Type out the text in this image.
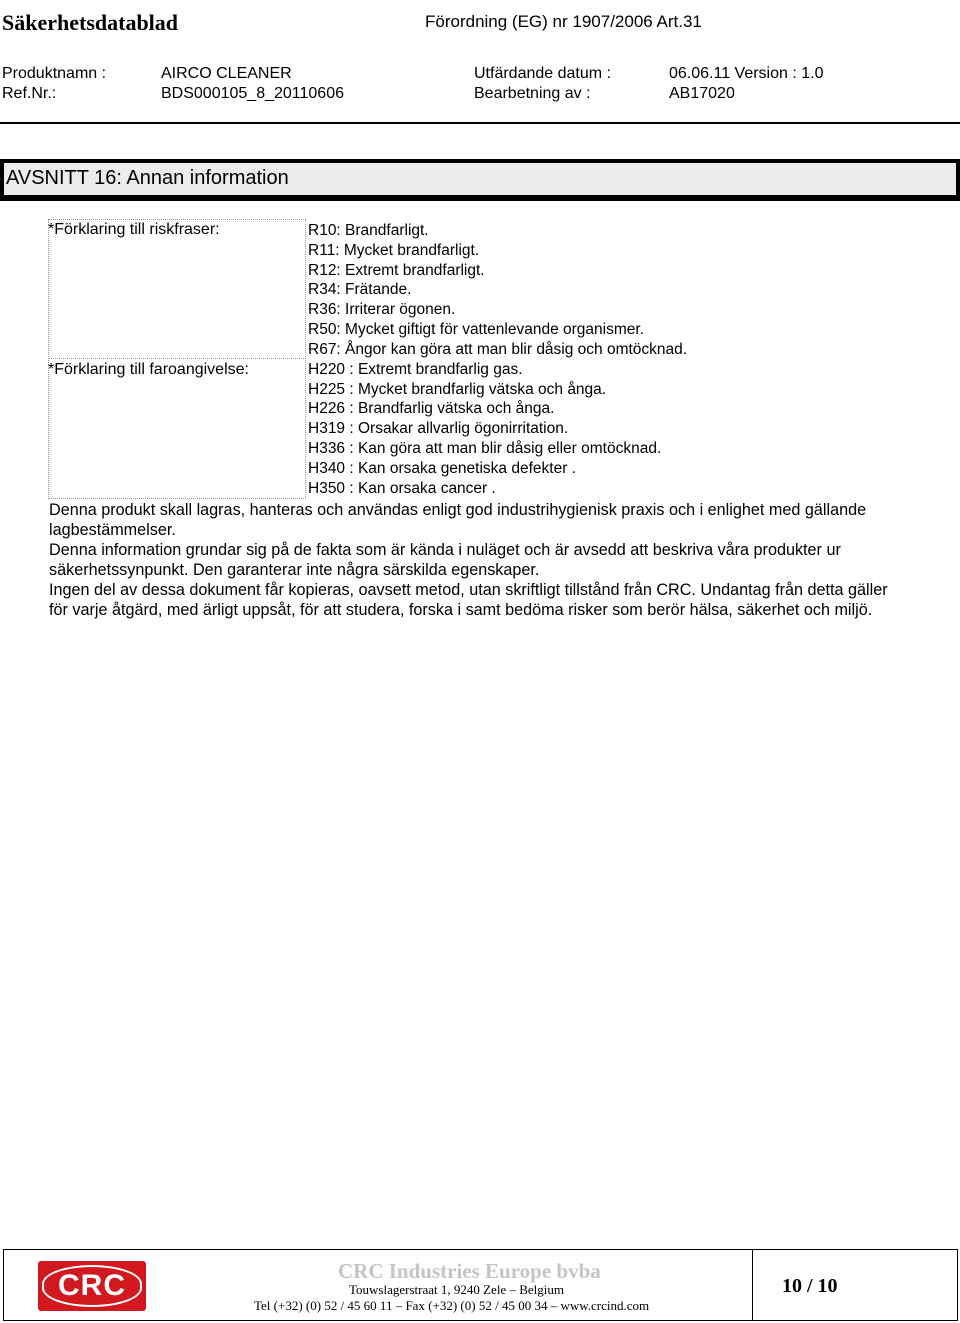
Säkerhetsdatablad	Förordning (EG) nr 1907/2006 Art.31
Produktnamn :	AIRCO CLEANER	Utfärdande datum :	06.06.11 Version : 1.0
Ref.Nr.:	BDS000105_8_20110606	Bearbetning av :	AB17020
AVSNITT 16: Annan information
*Förklaring till riskfraser:	R10: Brandfarligt.
R11: Mycket brandfarligt.
R12: Extremt brandfarligt.
R34: Frätande.
R36: Irriterar ögonen.
R50: Mycket giftigt för vattenlevande organismer.
R67: Ångor kan göra att man blir dåsig och omtöcknad.
*Förklaring till faroangivelse:	H220 : Extremt brandfarlig gas.
H225 : Mycket brandfarlig vätska och ånga.
H226 : Brandfarlig vätska och ånga.
H319 : Orsakar allvarlig ögonirritation.
H336 : Kan göra att man blir dåsig eller omtöcknad.
H340 : Kan orsaka genetiska defekter .
H350 : Kan orsaka cancer .
Denna produkt skall lagras, hanteras och användas enligt god industrihygienisk praxis och i enlighet med gällande lagbestämmelser.
Denna information grundar sig på de fakta som är kända i nuläget och är avsedd att beskriva våra produkter ur säkerhetssynpunkt. Den garanterar inte några särskilda egenskaper.
Ingen del av dessa dokument får kopieras, oavsett metod, utan skriftligt tillstånd från CRC. Undantag från detta gäller för varje åtgärd, med ärligt uppsåt, för att studera, forska i samt bedöma risker som berör hälsa, säkerhet och miljö.
CRC	CRC Industries Europe bvba
Touwslagerstraat 1, 9240 Zele – Belgium
Tel (+32) (0) 52 / 45 60 11 – Fax (+32) (0) 52 / 45 00 34 – www.crcind.com
10 / 10
